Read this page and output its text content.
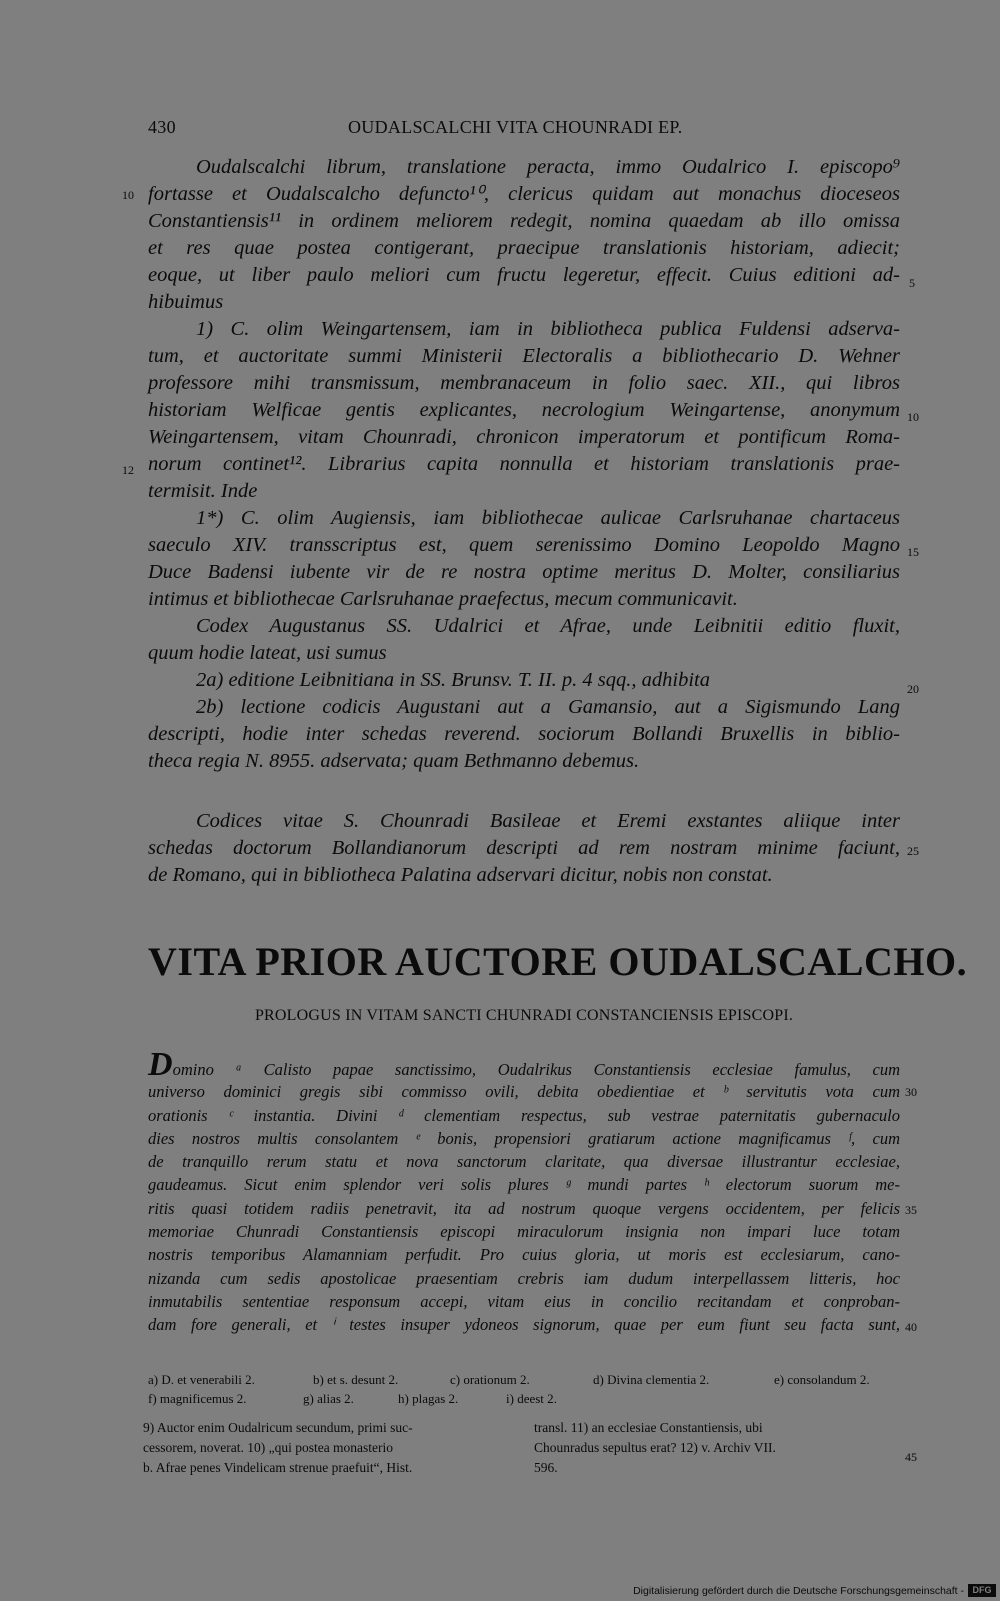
430	OUDALSCALCHI VITA CHOUNRADI EP.
Oudalscalchi librum, translatione peracta, immo Oudalrico I. episcopo⁹
fortasse et Oudalscalcho defuncto¹⁰, clericus quidam aut monachus dioceseos
Constantiensis¹¹ in ordinem meliorem redegit, nomina quaedam ab illo omissa
et res quae postea contigerant, praecipue translationis historiam, adiecit;
eoque, ut liber paulo meliori cum fructu legeretur, effecit. Cuius editioni ad-
hibuimus
1) C. olim Weingartensem, iam in bibliotheca publica Fuldensi adserva-
tum, et auctoritate summi Ministerii Electoralis a bibliothecario D. Wehner
professore mihi transmissum, membranaceum in folio saec. XII., qui libros
historiam Welficae gentis explicantes, necrologium Weingartense, anonymum
Weingartensem, vitam Chounradi, chronicon imperatorum et pontificum Roma-
norum continet¹². Librarius capita nonnulla et historiam translationis prae-
termisit. Inde
1*) C. olim Augiensis, iam bibliothecae aulicae Carlsruhanae chartaceus
saeculo XIV. transscriptus est, quem serenissimo Domino Leopoldo Magno
Duce Badensi iubente vir de re nostra optime meritus D. Molter, consiliarius
intimus et bibliothecae Carlsruhanae praefectus, mecum communicavit.
Codex Augustanus SS. Udalrici et Afrae, unde Leibnitii editio fluxit,
quum hodie lateat, usi sumus
2a) editione Leibnitiana in SS. Brunsv. T. II. p. 4 sqq., adhibita
2b) lectione codicis Augustani aut a Gamansio, aut a Sigismundo Lang
descripti, hodie inter schedas reverend. sociorum Bollandi Bruxellis in biblio-
theca regia N. 8955. adservata; quam Bethmanno debemus.
Codices vitae S. Chounradi Basileae et Eremi exstantes aliique inter
schedas doctorum Bollandianorum descripti ad rem nostram minime faciunt,
de Romano, qui in bibliotheca Palatina adservari dicitur, nobis non constat.
10
12
5
10
15
20
25
30
35
40
45
VITA PRIOR AUCTORE OUDALSCALCHO.
PROLOGUS IN VITAM SANCTI CHUNRADI CONSTANCIENSIS EPISCOPI.
Domino ᵃ Calisto papae sanctissimo, Oudalrikus Constantiensis ecclesiae famulus, cum
universo dominici gregis sibi commisso ovili, debita obedientiae et ᵇ servitutis vota cum
orationis ᶜ instantia. Divini ᵈ clementiam respectus, sub vestrae paternitatis gubernaculo
dies nostros multis consolantem ᵉ bonis, propensiori gratiarum actione magnificamus ᶠ, cum
de tranquillo rerum statu et nova sanctorum claritate, qua diversae illustrantur ecclesiae,
gaudeamus. Sicut enim splendor veri solis plures ᵍ mundi partes ʰ electorum suorum me-
ritis quasi totidem radiis penetravit, ita ad nostrum quoque vergens occidentem, per felicis
memoriae Chunradi Constantiensis episcopi miraculorum insignia non impari luce totam
nostris temporibus Alamanniam perfudit. Pro cuius gloria, ut moris est ecclesiarum, cano-
nizanda cum sedis apostolicae praesentiam crebris iam dudum interpellassem litteris, hoc
inmutabilis sententiae responsum accepi, vitam eius in concilio recitandam et conproban-
dam fore generali, et ⁱ testes insuper ydoneos signorum, quae per eum fiunt seu facta sunt,
a) D. et venerabili 2.	b) et s. desunt 2.	c) orationum 2.	d) Divina clementia 2.	e) consolandum 2.
f) magnificemus 2.	g) alias 2.	h) plagas 2.	i) deest 2.
9) Auctor enim Oudalricum secundum, primi suc-
cessorem, noverat. 10) „qui postea monasterio
b. Afrae penes Vindelicam strenue praefuit“, Hist.
transl. 11) an ecclesiae Constantiensis, ubi
Chounradus sepultus erat? 12) v. Archiv VII.
596.
Digitalisierung gefördert durch die Deutsche Forschungsgemeinschaft - DFG
